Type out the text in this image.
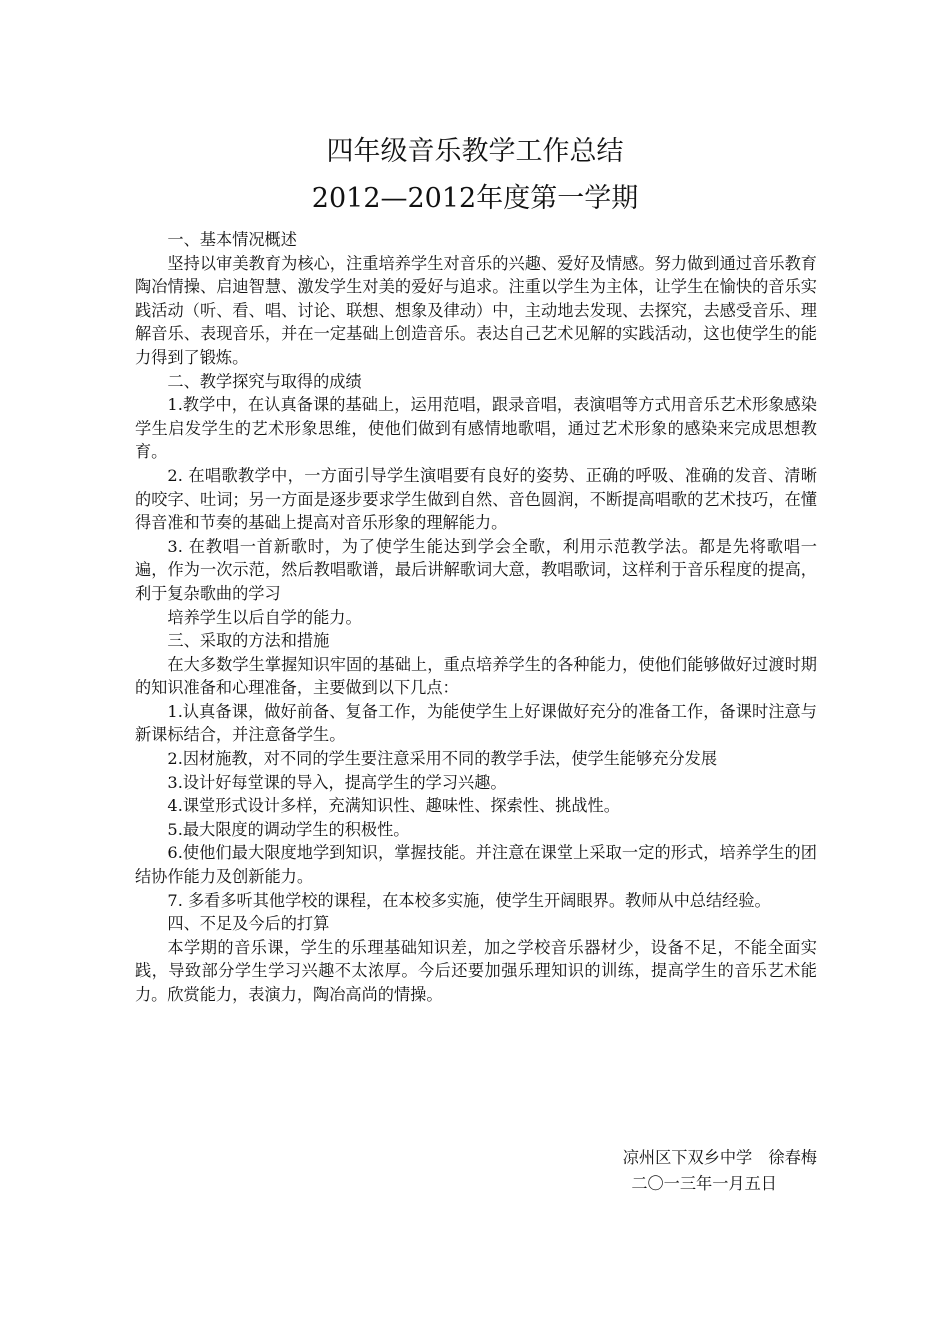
四年级音乐教学工作总结
2012—2012年度第一学期

一、基本情况概述

坚持以审美教育为核心，注重培养学生对音乐的兴趣、爱好及情感。努力做到通过音乐教育陶冶情操、启迪智慧、激发学生对美的爱好与追求。注重以学生为主体，让学生在愉快的音乐实践活动（听、看、唱、讨论、联想、想象及律动）中，主动地去发现、去探究，去感受音乐、理解音乐、表现音乐，并在一定基础上创造音乐。表达自己艺术见解的实践活动，这也使学生的能力得到了锻炼。

二、教学探究与取得的成绩

1.教学中，在认真备课的基础上，运用范唱，跟录音唱，表演唱等方式用音乐艺术形象感染学生启发学生的艺术形象思维，使他们做到有感情地歌唱，通过艺术形象的感染来完成思想教育。

2. 在唱歌教学中，一方面引导学生演唱要有良好的姿势、正确的呼吸、准确的发音、清晰的咬字、吐词；另一方面是逐步要求学生做到自然、音色圆润，不断提高唱歌的艺术技巧，在懂得音准和节奏的基础上提高对音乐形象的理解能力。

3. 在教唱一首新歌时，为了使学生能达到学会全歌，利用示范教学法。都是先将歌唱一遍，作为一次示范，然后教唱歌谱，最后讲解歌词大意，教唱歌词，这样利于音乐程度的提高，利于复杂歌曲的学习

培养学生以后自学的能力。

三、采取的方法和措施

在大多数学生掌握知识牢固的基础上，重点培养学生的各种能力，使他们能够做好过渡时期的知识准备和心理准备，主要做到以下几点：

1.认真备课，做好前备、复备工作，为能使学生上好课做好充分的准备工作，备课时注意与新课标结合，并注意备学生。

2.因材施教，对不同的学生要注意采用不同的教学手法，使学生能够充分发展

3.设计好每堂课的导入，提高学生的学习兴趣。

4.课堂形式设计多样，充满知识性、趣味性、探索性、挑战性。

5.最大限度的调动学生的积极性。

6.使他们最大限度地学到知识，掌握技能。并注意在课堂上采取一定的形式，培养学生的团结协作能力及创新能力。

7. 多看多听其他学校的课程，在本校多实施，使学生开阔眼界。教师从中总结经验。

四、不足及今后的打算

本学期的音乐课，学生的乐理基础知识差，加之学校音乐器材少，设备不足，不能全面实践，导致部分学生学习兴趣不太浓厚。今后还要加强乐理知识的训练，提高学生的音乐艺术能力。欣赏能力，表演力，陶冶高尚的情操。

凉州区下双乡中学　徐春梅
二〇一三年一月五日
